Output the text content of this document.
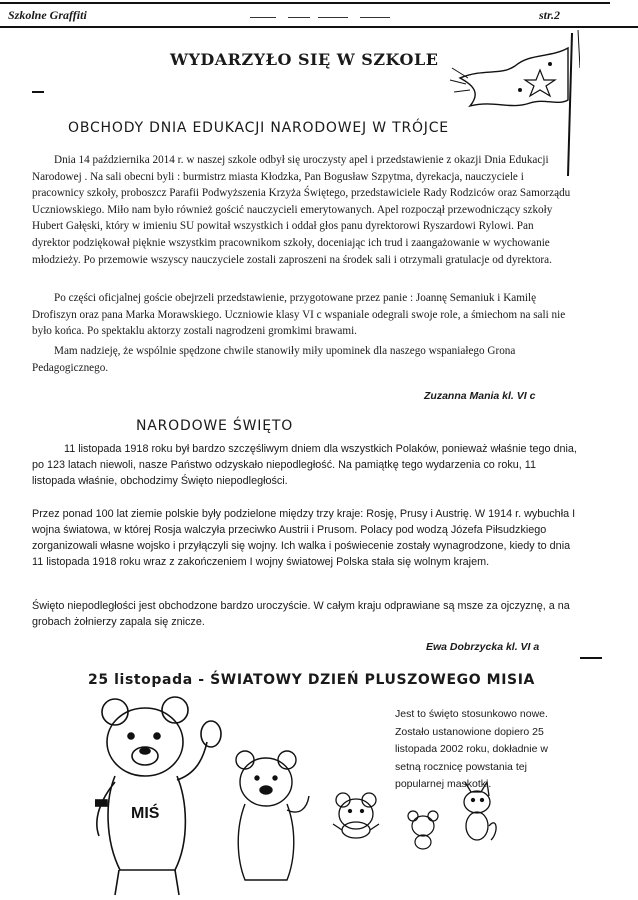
Szkolne Graffiti	str.2
WYDARZYŁO SIĘ W SZKOLE
OBCHODY DNIA EDUKACJI NARODOWEJ W TRÓJCE

Dnia 14 października 2014 r. w naszej szkole odbył się uroczysty apel i przedstawienie z okazji Dnia Edukacji Narodowej . Na sali obecni byli : burmistrz miasta Kłodzka, Pan Bogusław Szpytma, dyrekacja, nauczyciele i pracownicy szkoły, proboszcz Parafii Podwyższenia Krzyża Świętego, przedstawiciele Rady Rodziców oraz Samorządu Uczniowskiego. Miło nam było również gościć nauczycieli emerytowanych. Apel rozpoczął przewodniczący szkoły Hubert Gałęski, który w imieniu SU powitał wszystkich i oddał głos panu dyrektorowi Ryszardowi Rylowi. Pan dyrektor podziękował pięknie wszystkim pracownikom szkoły, doceniając ich trud i zaangażowanie w wychowanie młodzieży. Po przemowie wszyscy nauczyciele zostali zaproszeni na środek sali i otrzymali gratulacje od dyrektora.

Po części oficjalnej goście obejrzeli przedstawienie, przygotowane przez panie : Joannę Semaniuk i Kamilę Drofiszyn oraz pana Marka Morawskiego. Uczniowie klasy VI c wspaniale odegrali swoje role, a śmiechom na sali nie było końca. Po spektaklu aktorzy zostali nagrodzeni gromkimi brawami.

Mam nadzieję, że wspólnie spędzone chwile stanowiły miły upominek dla naszego wspaniałego Grona Pedagogicznego.

Zuzanna Mania kl. VI c
NARODOWE ŚWIĘTO

11 listopada 1918 roku był bardzo szczęśliwym dniem dla wszystkich Polaków, ponieważ właśnie tego dnia, po 123 latach niewoli, nasze Państwo odzyskało niepodległość. Na pamiątkę tego wydarzenia co roku, 11 listopada właśnie, obchodzimy Święto niepodległości.

Przez ponad 100 lat ziemie polskie były podzielone między trzy kraje: Rosję, Prusy i Austrię. W 1914 r. wybuchła I wojna światowa, w której Rosja walczyła przeciwko Austrii i Prusom. Polacy pod wodzą Józefa Piłsudzkiego zorganizowali własne wojsko i przyłączyli się wojny. Ich walka i poświecenie zostały wynagrodzone, kiedy to dnia 11 listopada 1918 roku wraz z zakończeniem I wojny światowej Polska stała się wolnym krajem.

Święto niepodległości jest obchodzone bardzo uroczyście. W całym kraju odprawiane są msze za ojczyznę, a na grobach żołnierzy zapala się znicze.

Ewa Dobrzycka kl. VI a
25 listopada - ŚWIATOWY DZIEŃ PLUSZOWEGO MISIA
MIŚ
Jest to święto stosunkowo nowe. Zostało ustanowione dopiero 25 listopada 2002 roku, dokładnie w setną rocznicę powstania tej popularnej maskotki.
